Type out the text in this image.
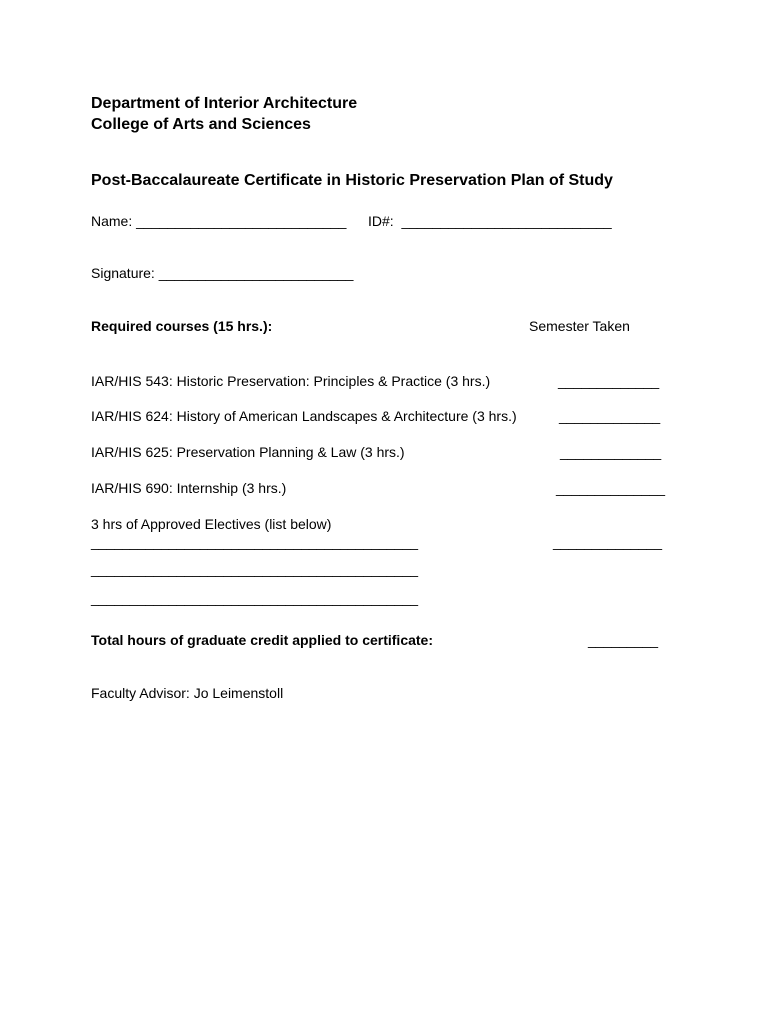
Department of Interior Architecture
College of Arts and Sciences
Post-Baccalaureate Certificate in Historic Preservation Plan of Study
Name: ___________________________ ID#:  ___________________________
Signature: _________________________
Required courses (15 hrs.):	Semester Taken
IAR/HIS 543: Historic Preservation: Principles & Practice (3 hrs.)	_____________
IAR/HIS 624: History of American Landscapes & Architecture (3 hrs.)	_____________
IAR/HIS 625: Preservation Planning & Law (3 hrs.)	_____________
IAR/HIS 690: Internship (3 hrs.)	______________
3 hrs of Approved Electives (list below)
__________________________________________	______________
__________________________________________
__________________________________________
Total hours of graduate credit applied to certificate:	_________
Faculty Advisor: Jo Leimenstoll
